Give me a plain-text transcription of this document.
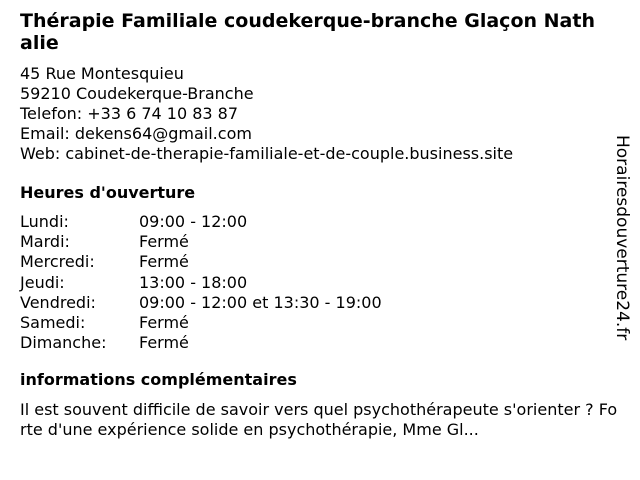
Thérapie Familiale coudekerque-branche Glaçon Nathalie
45 Rue Montesquieu
59210 Coudekerque-Branche
Telefon: +33 6 74 10 83 87
Email: dekens64@gmail.com
Web: cabinet-de-therapie-familiale-et-de-couple.business.site
Heures d'ouverture
Lundi:	09:00 - 12:00
Mardi:	Fermé
Mercredi:	Fermé
Jeudi:	13:00 - 18:00
Vendredi:	09:00 - 12:00 et 13:30 - 19:00
Samedi:	Fermé
Dimanche:	Fermé
informations complémentaires
Il est souvent difficile de savoir vers quel psychothérapeute s'orienter ? Forte d'une expérience solide en psychothérapie, Mme Gl...
Horairesdouverture24.fr
